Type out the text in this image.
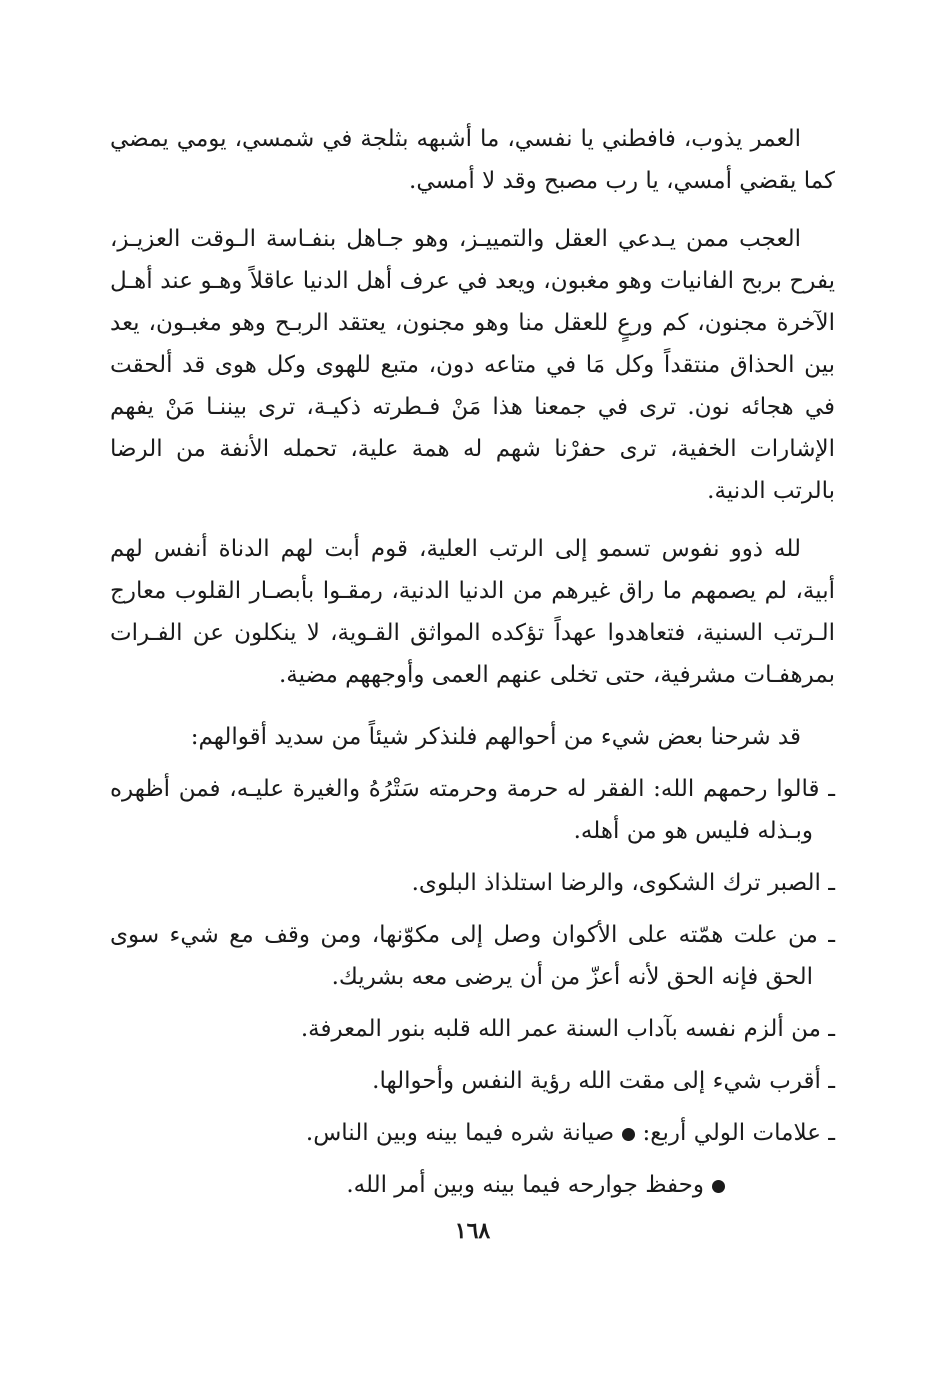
العمر يذوب، فافطني يا نفسي، ما أشبهه بثلجة في شمسي، يومي يمضي كما يقضي أمسي، يا رب مصبح وقد لا أمسي.

العجب ممن يـدعي العقل والتمييـز، وهو جـاهل بنفـاسة الـوقت العزيـز، يفرح بربح الفانيات وهو مغبون، ويعد في عرف أهل الدنيا عاقلاً وهـو عند أهـل الآخرة مجنون، كم ورعٍ للعقل منا وهو مجنون، يعتقد الربـح وهو مغبـون، يعد بين الحذاق منتقداً وكل مَا في متاعه دون، متبع للهوى وكل هوى قد ألحقت في هجائه نون. ترى في جمعنا هذا مَنْ فـطرته ذكيـة، ترى بيننـا مَنْ يفهم الإشارات الخفية، ترى حفرْنا شهم له همة علية، تحمله الأنفة من الرضا بالرتب الدنية.

لله ذوو نفوس تسمو إلى الرتب العلية، قوم أبت لهم الدناة أنفس لهم أبية، لم يصمهم ما راق غيرهم من الدنيا الدنية، رمقـوا بأبصـار القلوب معارج الـرتب السنية، فتعاهدوا عهداً تؤكده المواثق القـوية، لا ينكلون عن الفـرات بمرهفـات مشرفية، حتى تخلى عنهم العمى وأوجههم مضية.

قد شرحنا بعض شيء من أحوالهم فلنذكر شيئاً من سديد أقوالهم:

ـ قالوا رحمهم الله: الفقر له حرمة وحرمته سَتْرُهُ والغيرة عليـه، فمن أظهره وبـذله فليس هو من أهله.

ـ الصبر ترك الشكوى، والرضا استلذاذ البلوى.

ـ من علت همّته على الأكوان وصل إلى مكوّنها، ومن وقف مع شيء سوى الحق فإنه الحق لأنه أعزّ من أن يرضى معه بشريك.

ـ من ألزم نفسه بآداب السنة عمر الله قلبه بنور المعرفة.

ـ أقرب شيء إلى مقت الله رؤية النفس وأحوالها.

ـ علامات الولي أربع: صيانة شره فيما بينه وبين الناس.

وحفظ جوارحه فيما بينه وبين أمر الله.

١٦٨
